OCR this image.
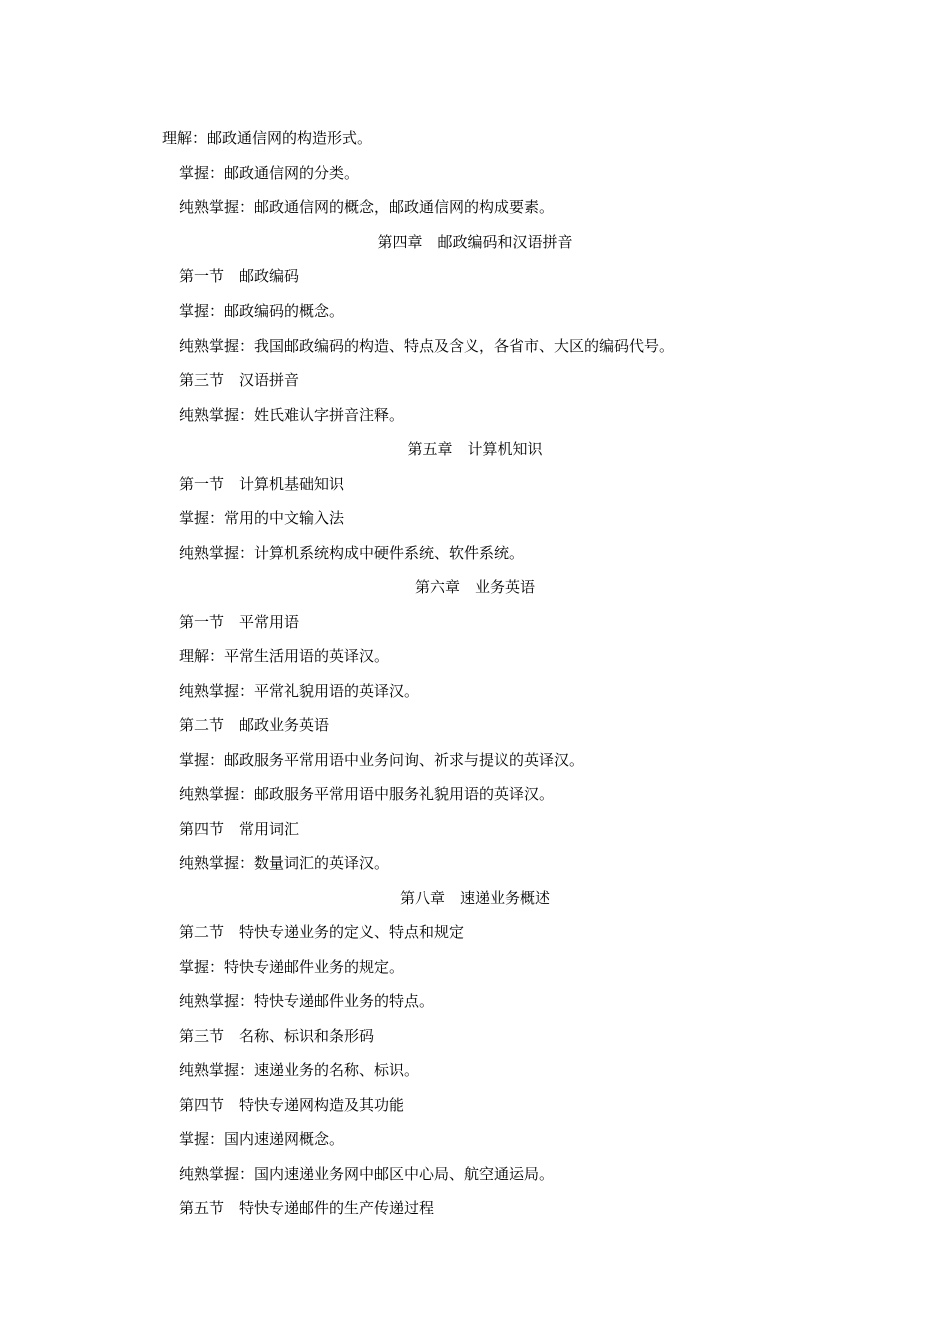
理解：邮政通信网的构造形式。
掌握：邮政通信网的分类。
纯熟掌握：邮政通信网的概念，邮政通信网的构成要素。
第四章　邮政编码和汉语拼音
第一节　邮政编码
掌握：邮政编码的概念。
纯熟掌握：我国邮政编码的构造、特点及含义，各省市、大区的编码代号。
第三节　汉语拼音
纯熟掌握：姓氏难认字拼音注释。
第五章　计算机知识
第一节　计算机基础知识
掌握：常用的中文输入法
纯熟掌握：计算机系统构成中硬件系统、软件系统。
第六章　业务英语
第一节　平常用语
理解：平常生活用语的英译汉。
纯熟掌握：平常礼貌用语的英译汉。
第二节　邮政业务英语
掌握：邮政服务平常用语中业务问询、祈求与提议的英译汉。
纯熟掌握：邮政服务平常用语中服务礼貌用语的英译汉。
第四节　常用词汇
纯熟掌握：数量词汇的英译汉。
第八章　速递业务概述
第二节　特快专递业务的定义、特点和规定
掌握：特快专递邮件业务的规定。
纯熟掌握：特快专递邮件业务的特点。
第三节　名称、标识和条形码
纯熟掌握：速递业务的名称、标识。
第四节　特快专递网构造及其功能
掌握：国内速递网概念。
纯熟掌握：国内速递业务网中邮区中心局、航空通运局。
第五节　特快专递邮件的生产传递过程
